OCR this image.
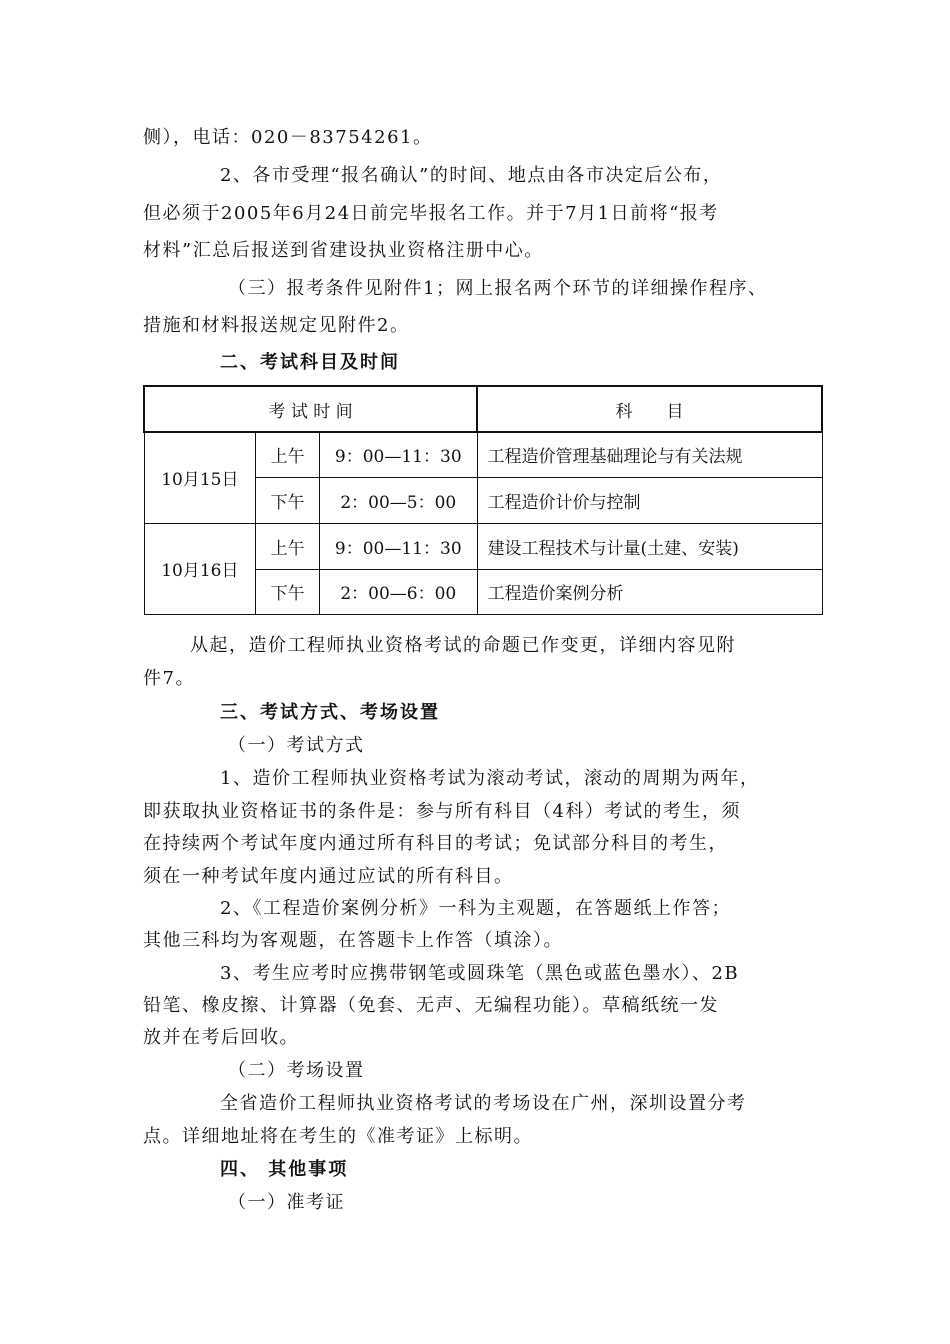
侧），电话：020－83754261。
2、各市受理“报名确认”的时间、地点由各市决定后公布，
但必须于2005年6月24日前完毕报名工作。并于7月1日前将“报考
材料”汇总后报送到省建设执业资格注册中心。
（三）报考条件见附件1；网上报名两个环节的详细操作程序、
措施和材料报送规定见附件2。
二、考试科目及时间
考 试 时 间			科　　目
10月15日	上午	9：00—11：30	工程造价管理基础理论与有关法规
	下午	2：00—5：00	工程造价计价与控制
10月16日	上午	9：00—11：30	建设工程技术与计量(土建、安装)
	下午	2：00—6：00	工程造价案例分析
从起，造价工程师执业资格考试的命题已作变更，详细内容见附
件7。
三、考试方式、考场设置
（一）考试方式
1、造价工程师执业资格考试为滚动考试，滚动的周期为两年，
即获取执业资格证书的条件是：参与所有科目（4科）考试的考生，须
在持续两个考试年度内通过所有科目的考试；免试部分科目的考生，
须在一种考试年度内通过应试的所有科目。
2、《工程造价案例分析》一科为主观题，在答题纸上作答；
其他三科均为客观题，在答题卡上作答（填涂）。
3、考生应考时应携带钢笔或圆珠笔（黑色或蓝色墨水）、2B
铅笔、橡皮擦、计算器（免套、无声、无编程功能）。草稿纸统一发
放并在考后回收。
（二）考场设置
全省造价工程师执业资格考试的考场设在广州，深圳设置分考
点。详细地址将在考生的《准考证》上标明。
四、 其他事项
（一）准考证
